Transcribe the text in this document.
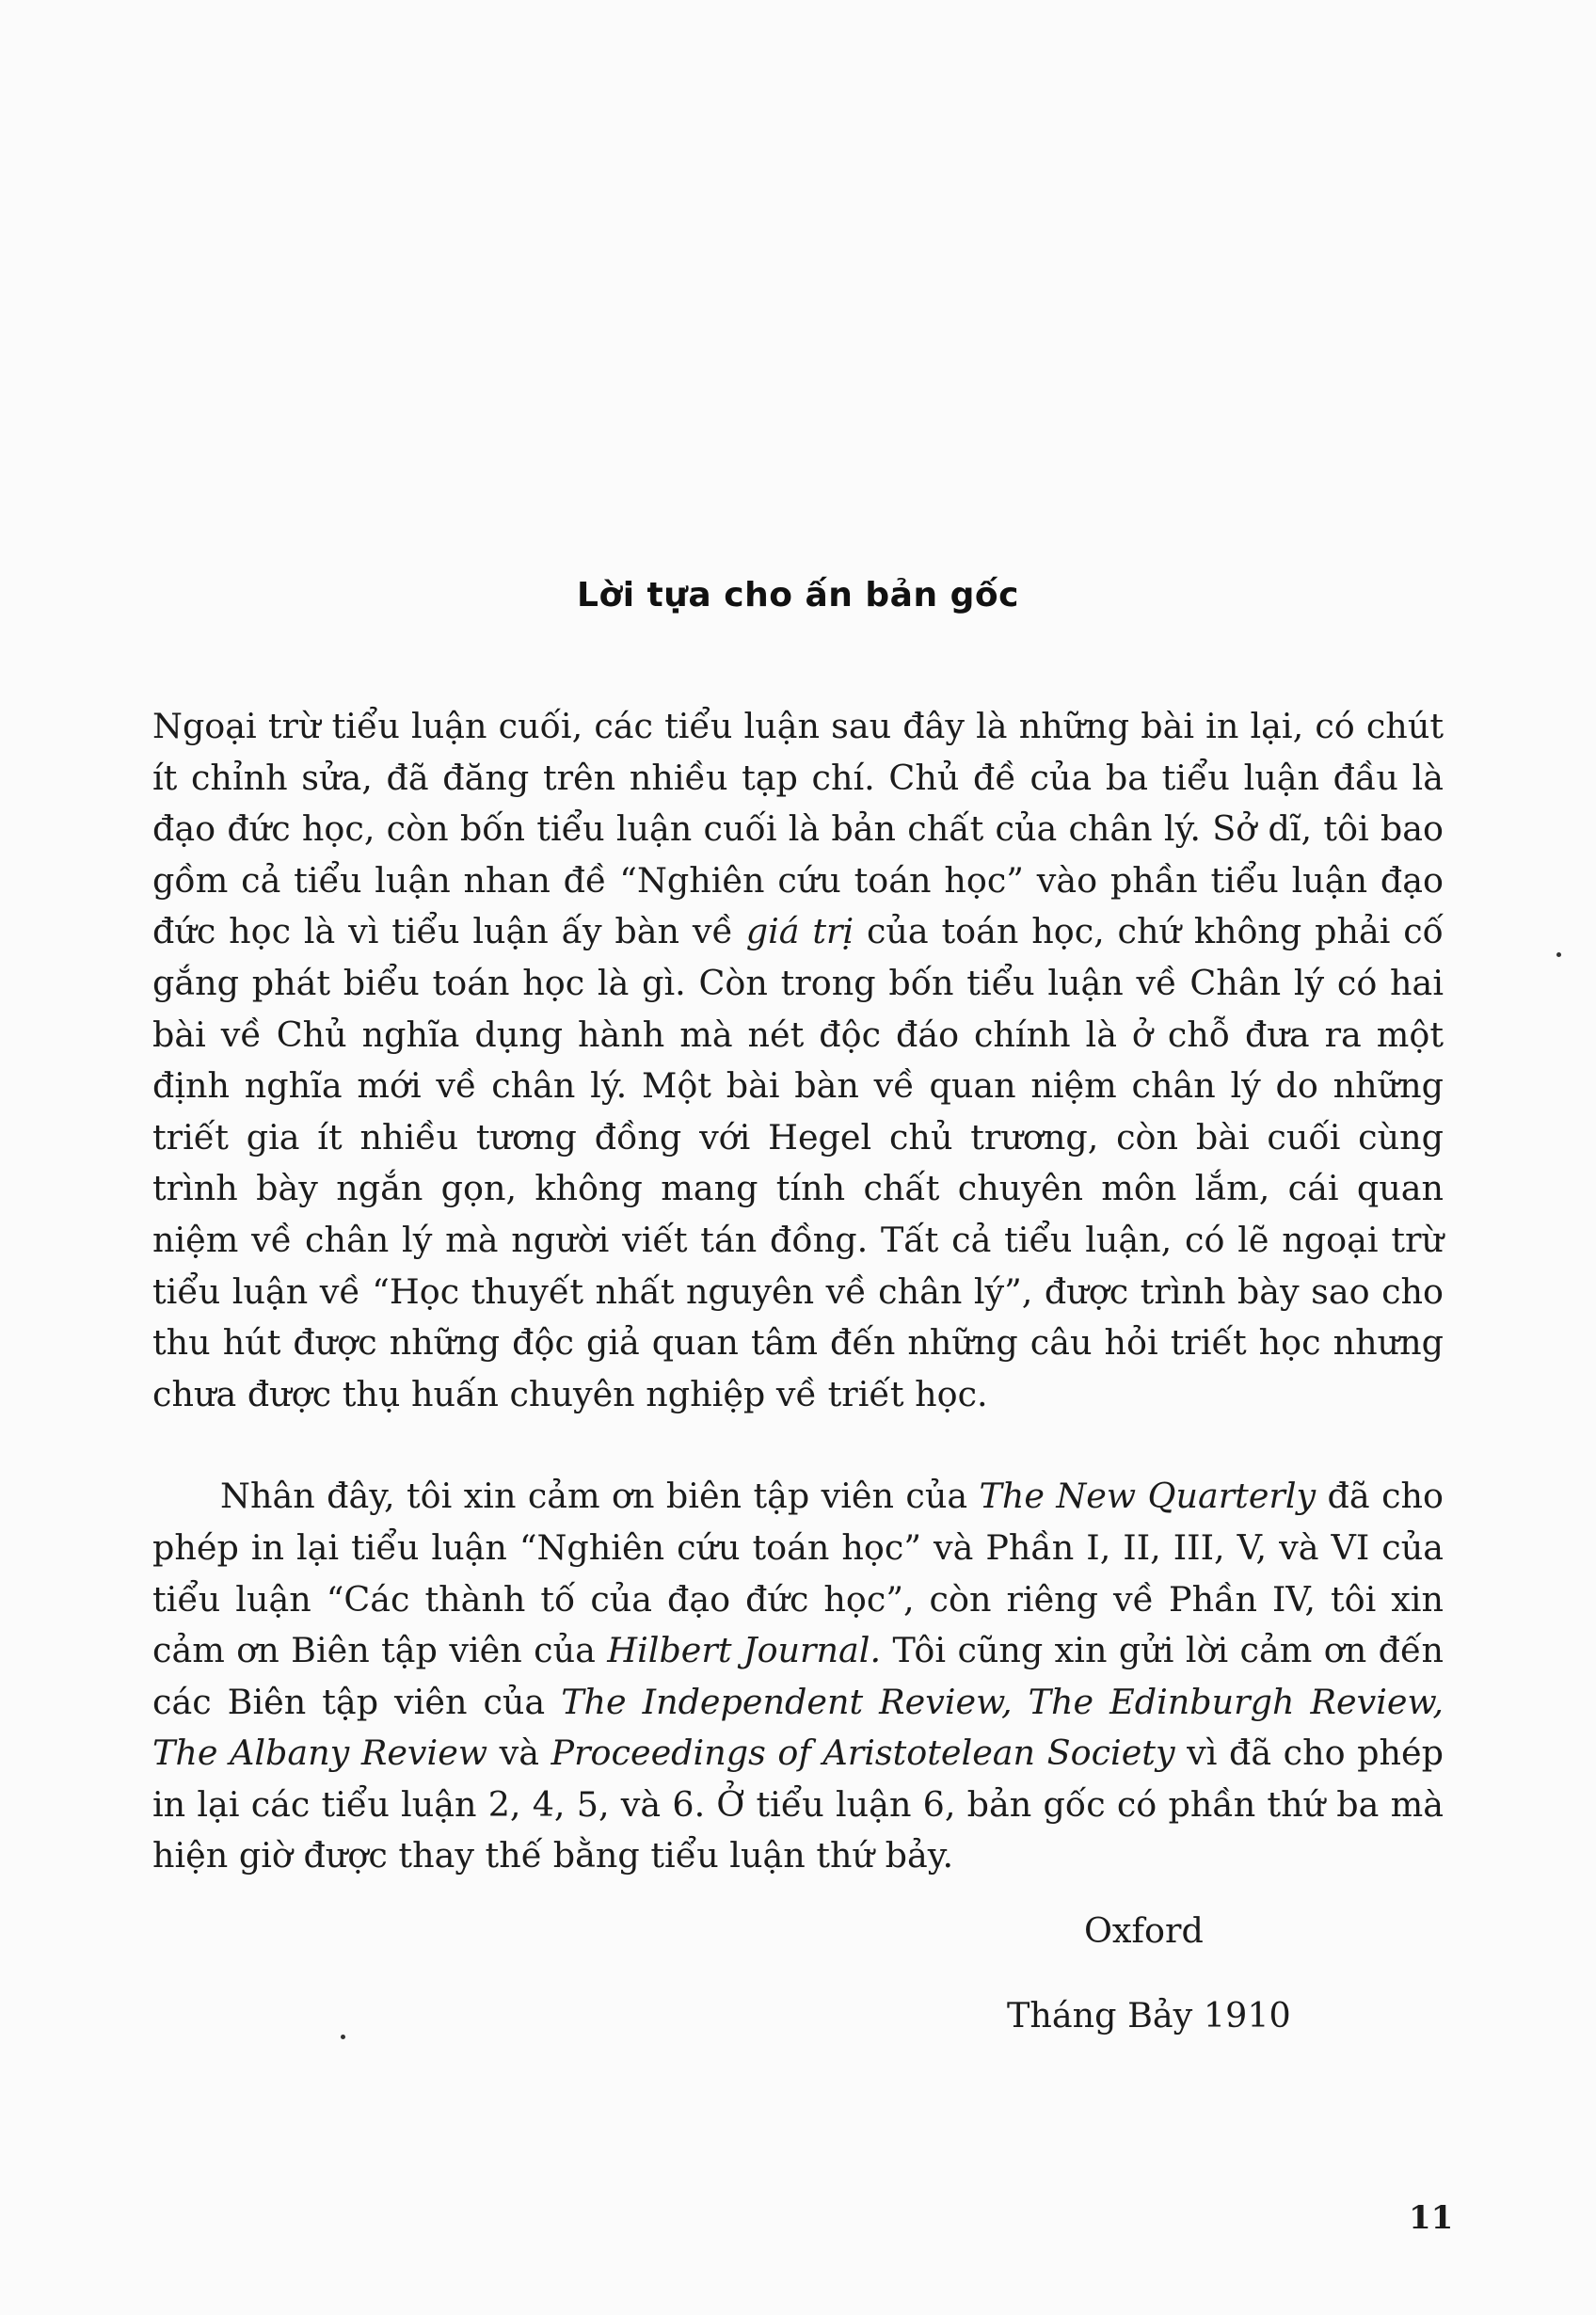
Lời tựa cho ấn bản gốc

Ngoại trừ tiểu luận cuối, các tiểu luận sau đây là những bài in lại, có chút ít chỉnh sửa, đã đăng trên nhiều tạp chí. Chủ đề của ba tiểu luận đầu là đạo đức học, còn bốn tiểu luận cuối là bản chất của chân lý. Sở dĩ, tôi bao gồm cả tiểu luận nhan đề “Nghiên cứu toán học” vào phần tiểu luận đạo đức học là vì tiểu luận ấy bàn về giá trị của toán học, chứ không phải cố gắng phát biểu toán học là gì. Còn trong bốn tiểu luận về Chân lý có hai bài về Chủ nghĩa dụng hành mà nét độc đáo chính là ở chỗ đưa ra một định nghĩa mới về chân lý. Một bài bàn về quan niệm chân lý do những triết gia ít nhiều tương đồng với Hegel chủ trương, còn bài cuối cùng trình bày ngắn gọn, không mang tính chất chuyên môn lắm, cái quan niệm về chân lý mà người viết tán đồng. Tất cả tiểu luận, có lẽ ngoại trừ tiểu luận về “Học thuyết nhất nguyên về chân lý”, được trình bày sao cho thu hút được những độc giả quan tâm đến những câu hỏi triết học nhưng chưa được thụ huấn chuyên nghiệp về triết học.

Nhân đây, tôi xin cảm ơn biên tập viên của The New Quarterly đã cho phép in lại tiểu luận “Nghiên cứu toán học” và Phần I, II, III, V, và VI của tiểu luận “Các thành tố của đạo đức học”, còn riêng về Phần IV, tôi xin cảm ơn Biên tập viên của Hilbert Journal. Tôi cũng xin gửi lời cảm ơn đến các Biên tập viên của The Independent Review, The Edinburgh Review, The Albany Review và Proceedings of Aristotelean Society vì đã cho phép in lại các tiểu luận 2, 4, 5, và 6. Ở tiểu luận 6, bản gốc có phần thứ ba mà hiện giờ được thay thế bằng tiểu luận thứ bảy.

Oxford
Tháng Bảy 1910
11
